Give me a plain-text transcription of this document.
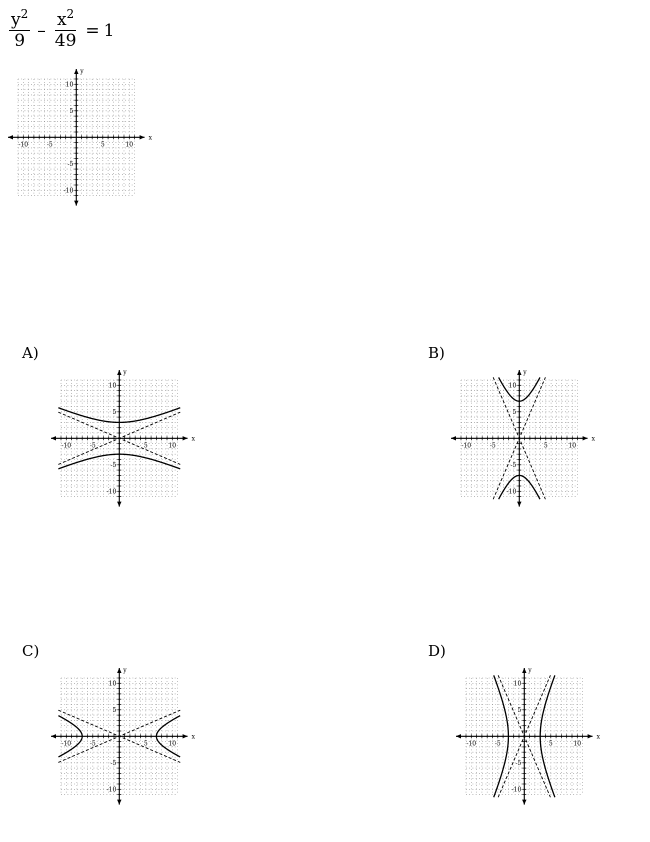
$\frac{y^2}{9} - \frac{x^2}{49} = 1$
-10	-5	5	10
10
5
-5
-10
x
y
A)
-10	-5	5	10
10
5
-5
-10
x
y
B)
-10	-5	5	10
10
5
-5
-10
x
y
C)
-10	-5	5	10
10
5
-5
-10
x
y
D)
-10	-5	5	10
10
5
-5
-10
x
y
